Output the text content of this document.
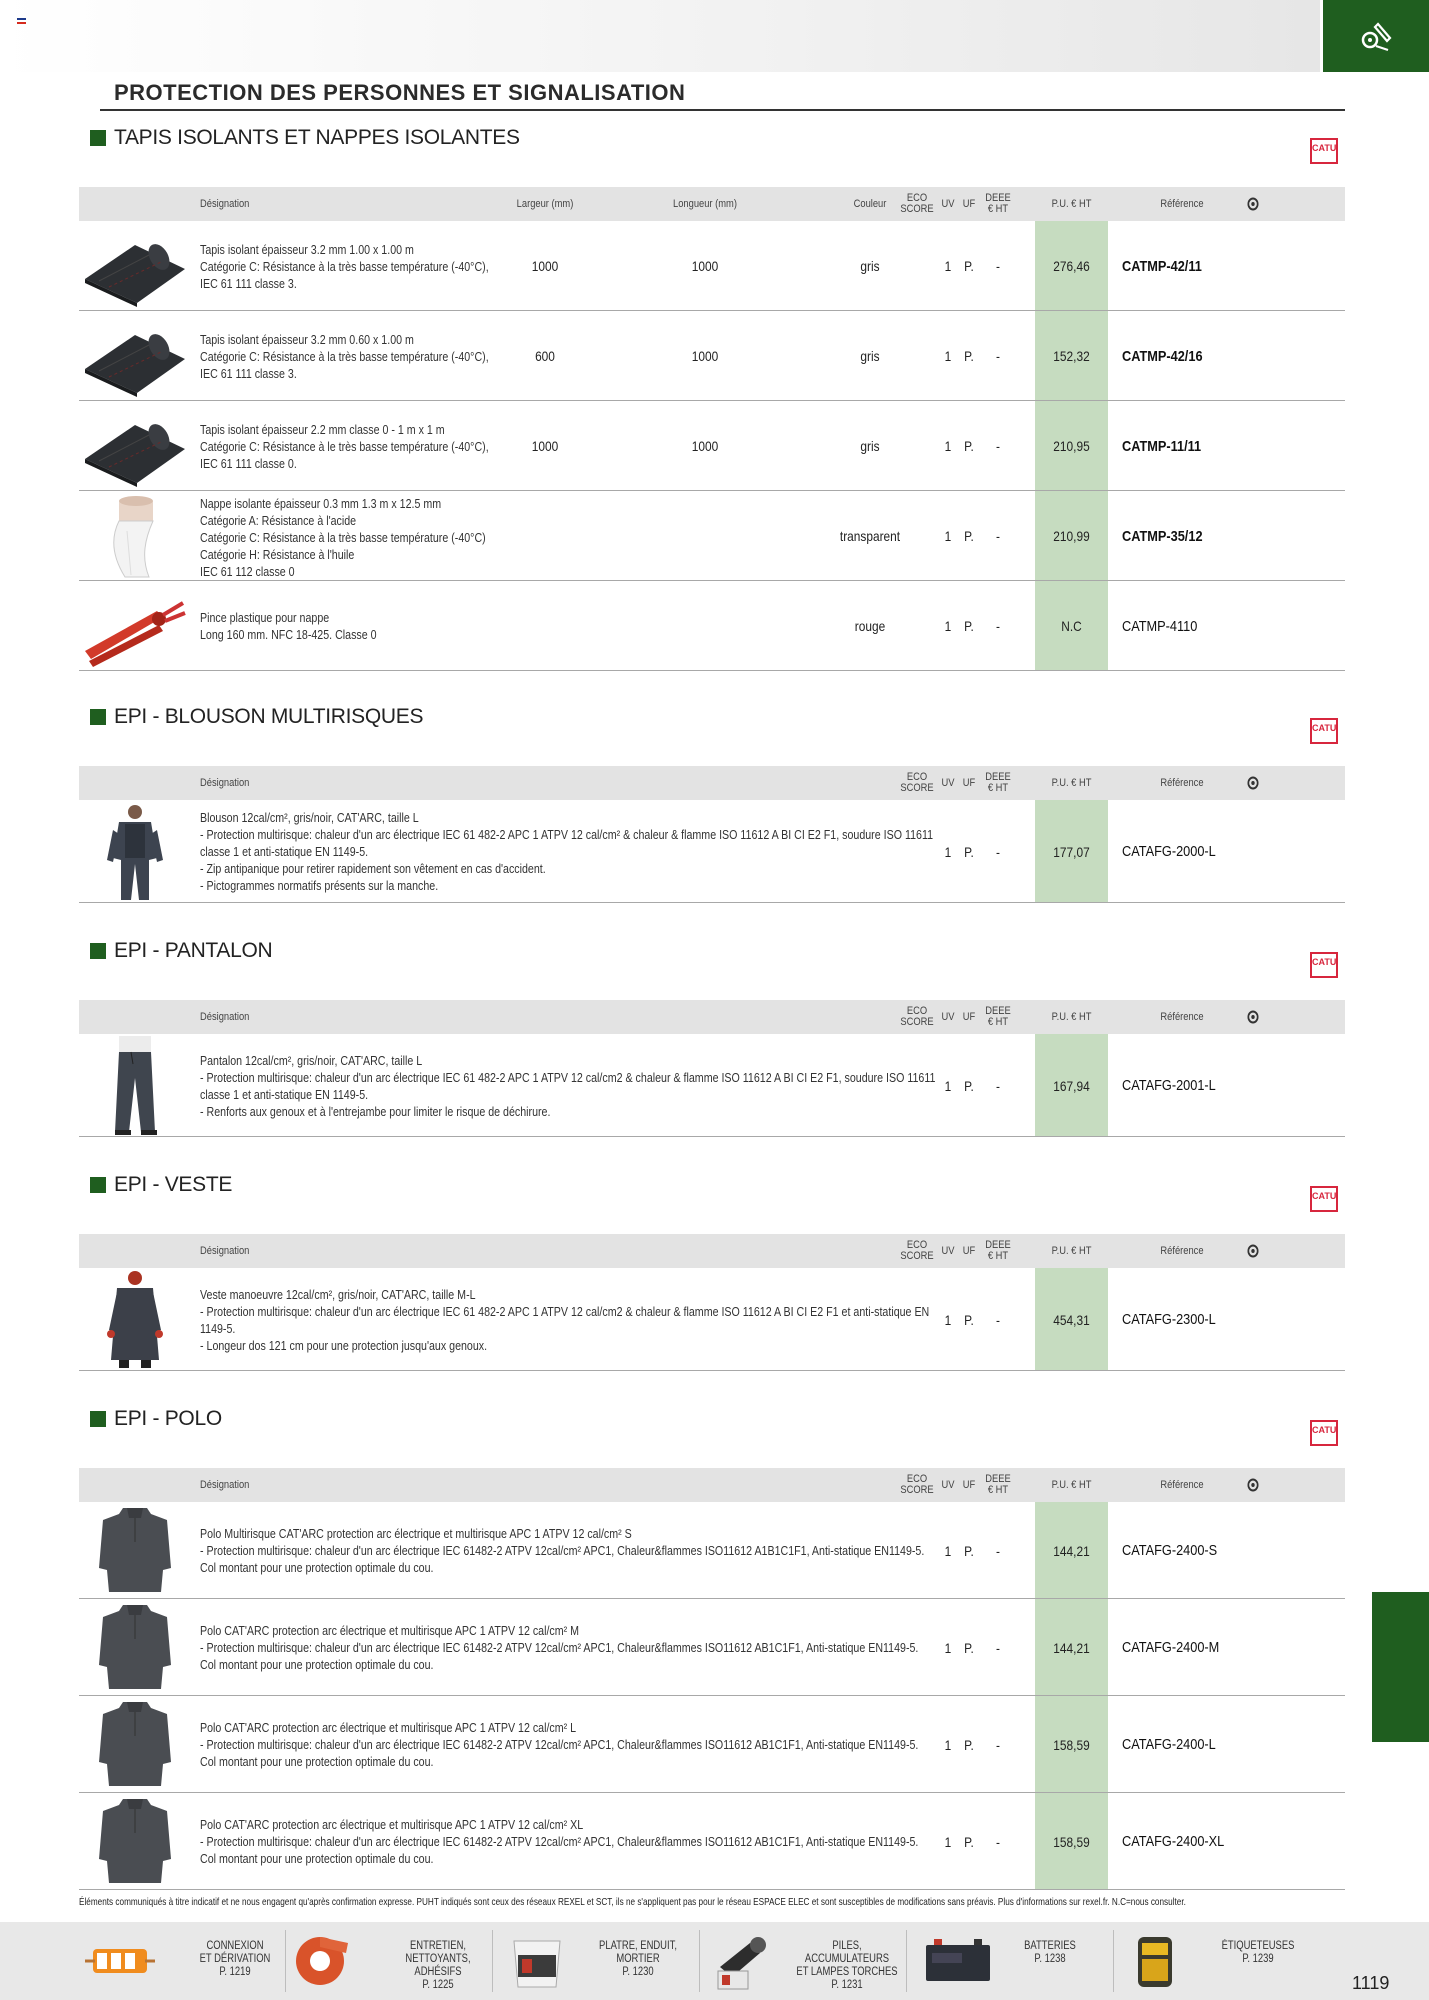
PROTECTION DES PERSONNES ET SIGNALISATION
TAPIS ISOLANTS ET NAPPES ISOLANTES	CATU
Désignation	Largeur (mm)	Longueur (mm)	Couleur	ECO SCORE UV UF DEEE € HT	P.U. € HT	Référence
Tapis isolant épaisseur 3.2 mm 1.00 x 1.00 m
Catégorie C: Résistance à la très basse température (-40°C),
IEC 61 111 classe 3.
1000	1000	gris	1 P.	-	276,46	CATMP-42/11
Tapis isolant épaisseur 3.2 mm 0.60 x 1.00 m
Catégorie C: Résistance à la très basse température (-40°C),
IEC 61 111 classe 3.
600	1000	gris	1 P.	-	152,32	CATMP-42/16
Tapis isolant épaisseur 2.2 mm classe 0 - 1 m x 1 m
Catégorie C: Résistance à le très basse température (-40°C),
IEC 61 111 classe 0.
1000	1000	gris	1 P.	-	210,95	CATMP-11/11
Nappe isolante épaisseur 0.3 mm 1.3 m x 12.5 mm
Catégorie A: Résistance à l'acide
Catégorie C: Résistance à la très basse température (-40°C)
Catégorie H: Résistance à l'huile
IEC 61 112 classe 0
transparent	1 P.	-	210,99	CATMP-35/12
Pince plastique pour nappe
Long 160 mm. NFC 18-425. Classe 0
rouge	1 P.	-	N.C	CATMP-4110
EPI - BLOUSON MULTIRISQUES	CATU
Désignation	ECO SCORE UV UF DEEE € HT	P.U. € HT	Référence
Blouson 12cal/cm², gris/noir, CAT'ARC, taille L
- Protection multirisque: chaleur d'un arc électrique IEC 61 482-2 APC 1 ATPV 12 cal/cm² & chaleur & flamme ISO 11612 A BI CI E2 F1, soudure ISO 11611
classe 1 et anti-statique EN 1149-5.
- Zip antipanique pour retirer rapidement son vêtement en cas d'accident.
- Pictogrammes normatifs présents sur la manche.
1 P.	-	177,07	CATAFG-2000-L
EPI - PANTALON	CATU
Désignation	ECO SCORE UV UF DEEE € HT	P.U. € HT	Référence
Pantalon 12cal/cm², gris/noir, CAT'ARC, taille L
- Protection multirisque: chaleur d'un arc électrique IEC 61 482-2 APC 1 ATPV 12 cal/cm2 & chaleur & flamme ISO 11612 A BI CI E2 F1, soudure ISO 11611
classe 1 et anti-statique EN 1149-5.
- Renforts aux genoux et à l'entrejambe pour limiter le risque de déchirure.
1 P.	-	167,94	CATAFG-2001-L
EPI - VESTE	CATU
Désignation	ECO SCORE UV UF DEEE € HT	P.U. € HT	Référence
Veste manoeuvre 12cal/cm², gris/noir, CAT'ARC, taille M-L
- Protection multirisque: chaleur d'un arc électrique IEC 61 482-2 APC 1 ATPV 12 cal/cm2 & chaleur & flamme ISO 11612 A BI CI E2 F1 et anti-statique EN
1149-5.
- Longeur dos 121 cm pour une protection jusqu'aux genoux.
1 P.	-	454,31	CATAFG-2300-L
EPI - POLO	CATU
Désignation	ECO SCORE UV UF DEEE € HT	P.U. € HT	Référence
Polo Multirisque CAT'ARC protection arc électrique et multirisque APC 1 ATPV 12 cal/cm² S
- Protection multirisque: chaleur d'un arc électrique IEC 61482-2 ATPV 12cal/cm² APC1, Chaleur&flammes ISO11612 A1B1C1F1, Anti-statique EN1149-5.
Col montant pour une protection optimale du cou.
1 P.	-	144,21	CATAFG-2400-S
Polo CAT'ARC protection arc électrique et multirisque APC 1 ATPV 12 cal/cm² M
- Protection multirisque: chaleur d'un arc électrique IEC 61482-2 ATPV 12cal/cm² APC1, Chaleur&flammes ISO11612 AB1C1F1, Anti-statique EN1149-5.
Col montant pour une protection optimale du cou.
1 P.	-	144,21	CATAFG-2400-M
Polo CAT'ARC protection arc électrique et multirisque APC 1 ATPV 12 cal/cm² L
- Protection multirisque: chaleur d'un arc électrique IEC 61482-2 ATPV 12cal/cm² APC1, Chaleur&flammes ISO11612 AB1C1F1, Anti-statique EN1149-5.
Col montant pour une protection optimale du cou.
1 P.	-	158,59	CATAFG-2400-L
Polo CAT'ARC protection arc électrique et multirisque APC 1 ATPV 12 cal/cm² XL
- Protection multirisque: chaleur d'un arc électrique IEC 61482-2 ATPV 12cal/cm² APC1, Chaleur&flammes ISO11612 AB1C1F1, Anti-statique EN1149-5.
Col montant pour une protection optimale du cou.
1 P.	-	158,59	CATAFG-2400-XL
Éléments communiqués à titre indicatif et ne nous engagent qu'après confirmation expresse. PUHT indiqués sont ceux des réseaux REXEL et SCT, ils ne s'appliquent pas pour le réseau ESPACE ELEC et sont susceptibles de modifications sans préavis. Plus d'informations sur rexel.fr. N.C=nous consulter.
CONNEXION
ET DÉRIVATION
P. 1219
ENTRETIEN,
NETTOYANTS, ADHÉSIFS
P. 1225
PLATRE, ENDUIT,
MORTIER
P. 1230
PILES, ACCUMULATEURS
ET LAMPES TORCHES
P. 1231
BATTERIES
P. 1238
ÉTIQUETEUSES
P. 1239
1119
